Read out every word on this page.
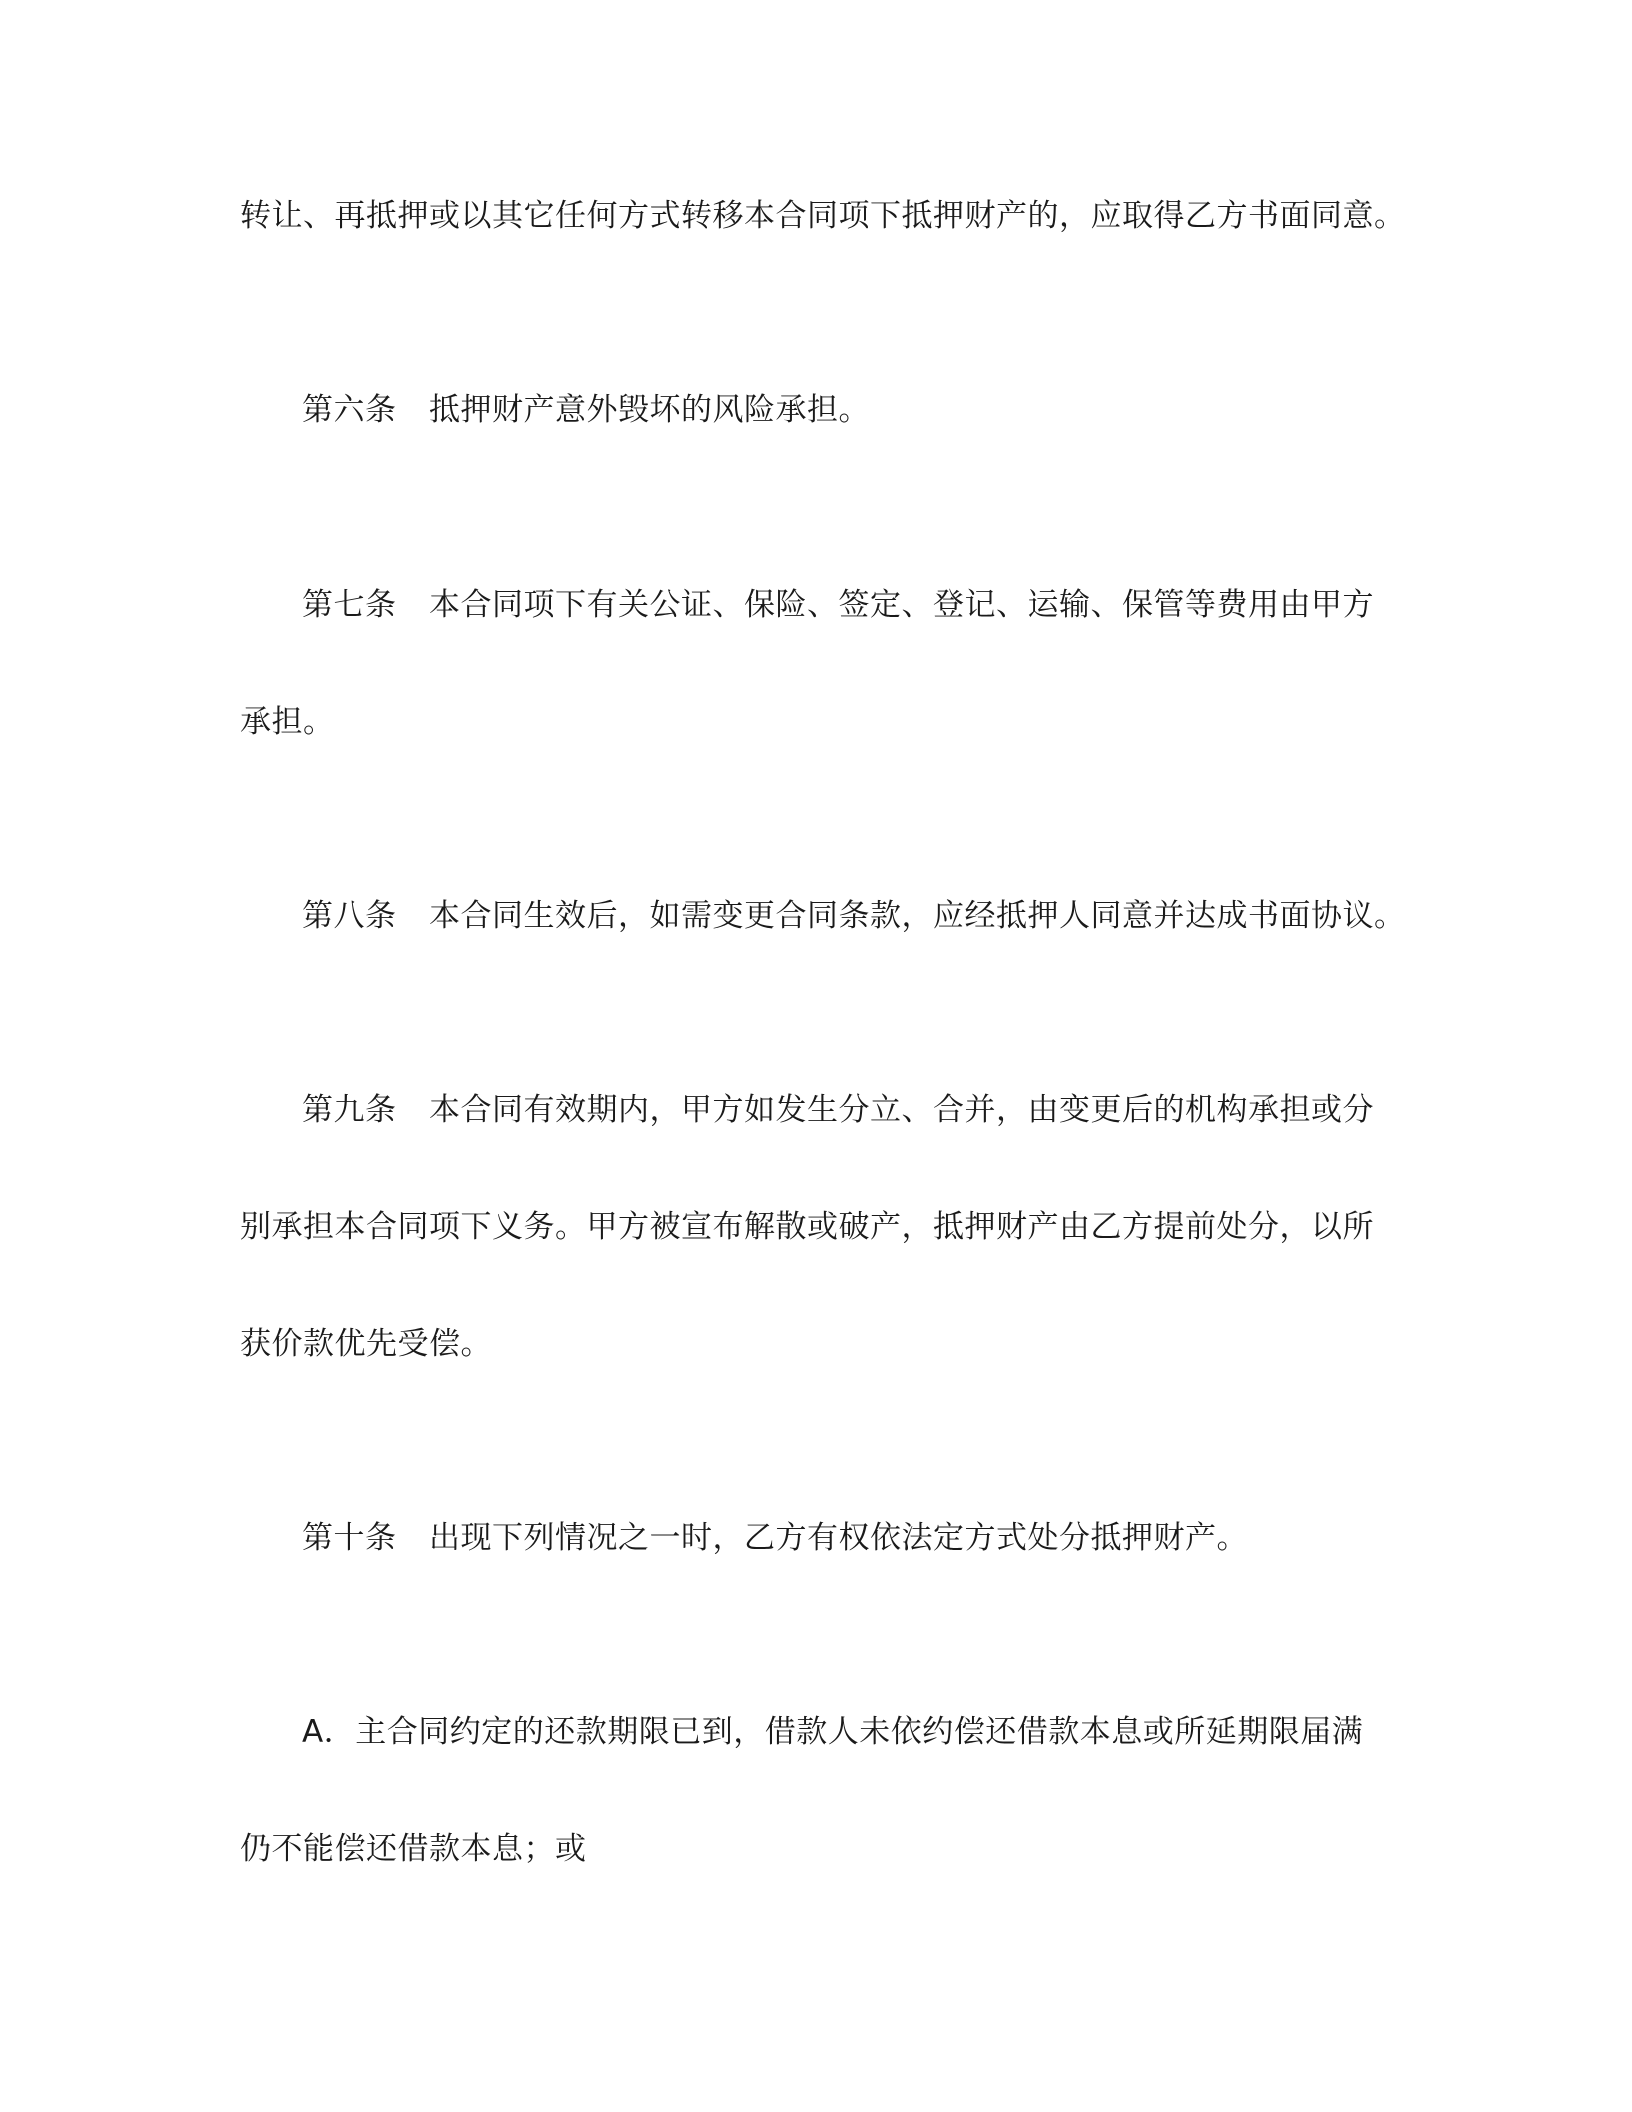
转让、再抵押或以其它任何方式转移本合同项下抵押财产的，应取得乙方书面同意。
第六条 抵押财产意外毁坏的风险承担。
第七条 本合同项下有关公证、保险、签定、登记、运输、保管等费用由甲方
承担。
第八条 本合同生效后，如需变更合同条款，应经抵押人同意并达成书面协议。
第九条 本合同有效期内，甲方如发生分立、合并，由变更后的机构承担或分
别承担本合同项下义务。甲方被宣布解散或破产，抵押财产由乙方提前处分，以所
获价款优先受偿。
第十条 出现下列情况之一时，乙方有权依法定方式处分抵押财产。
A．主合同约定的还款期限已到，借款人未依约偿还借款本息或所延期限届满
仍不能偿还借款本息；或
